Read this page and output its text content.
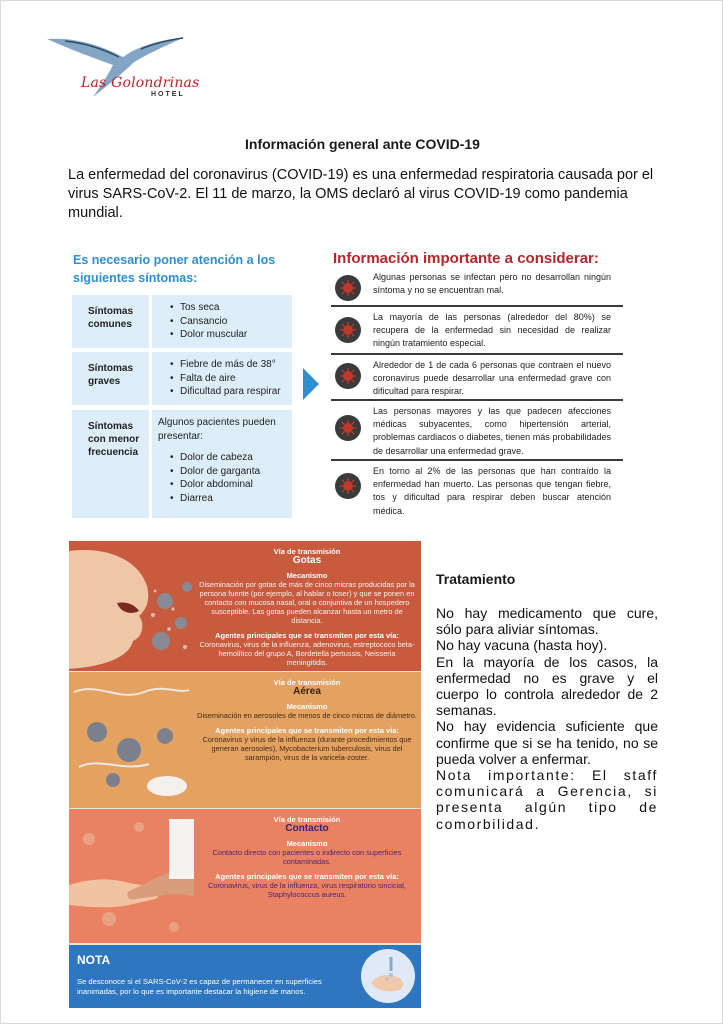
Las Golondrinas
HOTEL
Información general ante COVID-19
La enfermedad del coronavirus (COVID-19) es una enfermedad respiratoria causada por el virus SARS-CoV-2. El 11 de marzo, la OMS declaró al virus COVID-19 como pandemia mundial.
Es necesario poner atención a los siguientes síntomas:
Síntomas comunes
• Tos seca
• Cansancio
• Dolor muscular
Síntomas graves
• Fiebre de más de 38°
• Falta de aire
• Dificultad para respirar
Síntomas con menor frecuencia
Algunos pacientes pueden presentar:
• Dolor de cabeza
• Dolor de garganta
• Dolor abdominal
• Diarrea
Información importante a considerar:
Algunas personas se infectan pero no desarrollan ningún síntoma y no se encuentran mal.
La mayoría de las personas (alrededor del 80%) se recupera de la enfermedad sin necesidad de realizar ningún tratamiento especial.
Alrededor de 1 de cada 6 personas que contraen el nuevo coronavirus puede desarrollar una enfermedad grave con dificultad para respirar.
Las personas mayores y las que padecen afecciones médicas subyacentes, como hipertensión arterial, problemas cardiacos o diabetes, tienen más probabilidades de desarrollar una enfermedad grave.
En torno al 2% de las personas que han contraído la enfermedad han muerto. Las personas que tengan fiebre, tos y dificultad para respirar deben buscar atención médica.
Vía de transmisión
Gotas
Mecanismo
Diseminación por gotas de más de cinco micras producidas por la persona fuente (por ejemplo, al hablar o toser) y que se ponen en contacto con mucosa nasal, oral o conjuntiva de un hospedero susceptible. Las gotas pueden alcanzar hasta un metro de distancia.
Agentes principales que se transmiten por esta vía:
Coronavirus, virus de la influenza, adenovirus, estreptococo beta-hemolítico del grupo A, Bordetella pertussis, Neisseria meningitidis.
Vía de transmisión
Aérea
Mecanismo
Diseminación en aerosoles de menos de cinco micras de diámetro.
Agentes principales que se transmiten por esta vía:
Coronavirus y virus de la influenza (durante procedimientos que generan aerosoles), Mycobacterium tuberculosis, virus del sarampión, virus de la varicela-zoster.
Vía de transmisión
Contacto
Mecanismo
Contacto directo con pacientes o indirecto con superficies contaminadas.
Agentes principales que se transmiten por esta vía:
Coronavirus, virus de la influenza, virus respiratorio sincicial, Staphylococcus aureus.
NOTA
Se desconoce si el SARS-CoV-2 es capaz de permanecer en superficies inanimadas, por lo que es importante destacar la higiene de manos.
Tratamiento

No hay medicamento que cure, sólo para aliviar síntomas.

No hay vacuna (hasta hoy).

En la mayoría de los casos, la enfermedad no es grave y el cuerpo lo controla alrededor de 2 semanas.

No hay evidencia suficiente que confirme que si se ha tenido, no se pueda volver a enfermar.

Nota importante: El staff comunicará a Gerencia, si presenta algún tipo de comorbilidad.
